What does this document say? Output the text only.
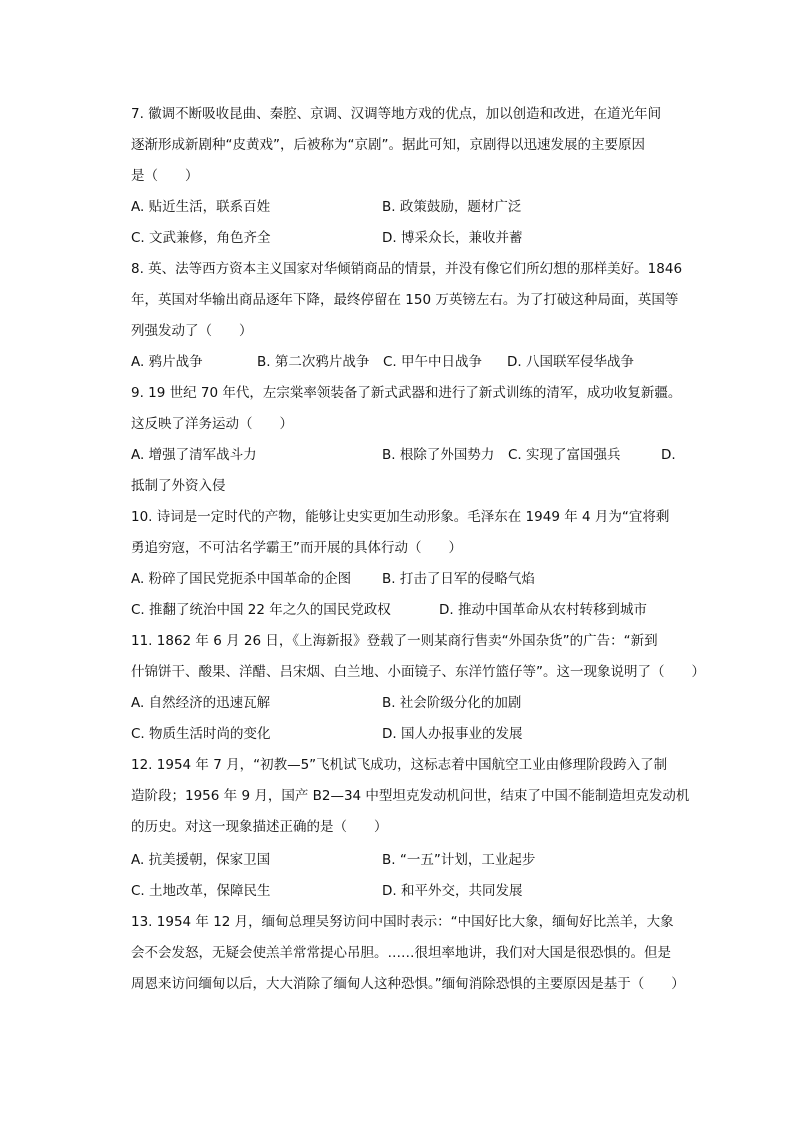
7. 徽调不断吸收昆曲、秦腔、京调、汉调等地方戏的优点，加以创造和改进，在道光年间
逐渐形成新剧种“皮黄戏”，后被称为“京剧”。据此可知，京剧得以迅速发展的主要原因
是（　　）
A. 贴近生活，联系百姓	B. 政策鼓励，题材广泛
C. 文武兼修，角色齐全	D. 博采众长，兼收并蓄
8. 英、法等西方资本主义国家对华倾销商品的情景，并没有像它们所幻想的那样美好。1846
年，英国对华输出商品逐年下降，最终停留在 150 万英镑左右。为了打破这种局面，英国等
列强发动了（　　）
A. 鸦片战争	B. 第二次鸦片战争 C. 甲午中日战争 D. 八国联军侵华战争
9. 19 世纪 70 年代，左宗棠率领装备了新式武器和进行了新式训练的清军，成功收复新疆。
这反映了洋务运动（　　）
A. 增强了清军战斗力	B. 根除了外国势力 C. 实现了富国强兵	D.
抵制了外资入侵
10. 诗词是一定时代的产物，能够让史实更加生动形象。毛泽东在 1949 年 4 月为“宜将剩
勇追穷寇，不可沽名学霸王”而开展的具体行动（　　）
A. 粉碎了国民党扼杀中国革命的企图 B. 打击了日军的侵略气焰
C. 推翻了统治中国 22 年之久的国民党政权	D. 推动中国革命从农村转移到城市
11. 1862 年 6 月 26 日，《上海新报》登载了一则某商行售卖“外国杂货”的广告：“新到
什锦饼干、酸果、洋醋、吕宋烟、白兰地、小面镜子、东洋竹篮仔等”。这一现象说明了（　　）
A. 自然经济的迅速瓦解	B. 社会阶级分化的加剧
C. 物质生活时尚的变化	D. 国人办报事业的发展
12. 1954 年 7 月，“初教—5”飞机试飞成功，这标志着中国航空工业由修理阶段跨入了制
造阶段；1956 年 9 月，国产 B2—34 中型坦克发动机问世，结束了中国不能制造坦克发动机
的历史。对这一现象描述正确的是（　　）
A. 抗美援朝，保家卫国	B. “一五”计划，工业起步
C. 土地改革，保障民生	D. 和平外交，共同发展
13. 1954 年 12 月，缅甸总理吴努访问中国时表示：“中国好比大象，缅甸好比羔羊，大象
会不会发怒，无疑会使羔羊常常提心吊胆。……很坦率地讲，我们对大国是很恐惧的。但是
周恩来访问缅甸以后，大大消除了缅甸人这种恐惧。”缅甸消除恐惧的主要原因是基于（　　）
